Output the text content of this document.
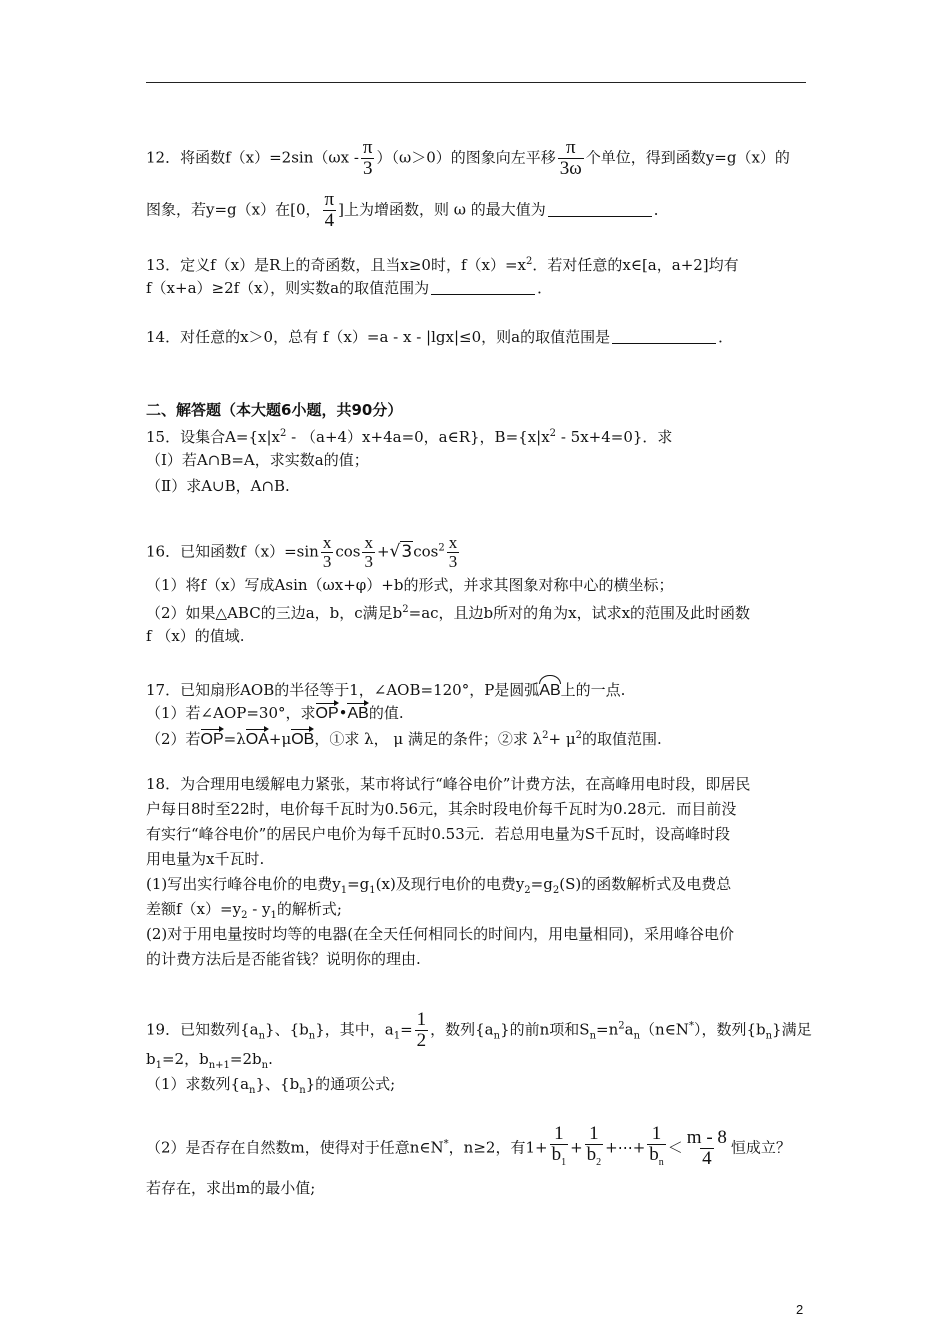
12．将函数$f(x)=2\sin(\omega x - \frac{\pi}{3} )(\omega>0)$的图象向左平移 $\frac{\pi}{3\omega}$ 个单位，得到函数y=g（x）的
图象，若y=g（x）在[0， $\frac{\pi}{4}$ ]上为增函数，则 ω 的最大值为	．
13．定义f（x）是R上的奇函数，且当x≥0时，$f(x)=x^2$．若对任意的x∈[a，a+2]均有
f（x+a）≥2f（x），则实数a的取值范围为	．
14．对任意的x＞0，总有 f（x）=a - x - |lgx|≤0，则a的取值范围是	．
二、解答题（本大题6小题，共90分）
15．设集合$A=\{x|x^2 - (a+4)x+4a=0$，a∈R}，$B=\{x|x^2 - 5x+4=0\}$．求
（Ⅰ）若A∩B=A，求实数a的值；
（Ⅱ）求A∪B，A∩B.
16．已知函数$f(x)=\sin \frac{x}{3}$ $\cos \frac{x}{3} +√3\cos^2 \frac{x}{3}$
（1）将f（x）写成Asin（ωx+φ）+b的形式，并求其图象对称中心的横坐标；
（2）如果△ABC的三边a，b，c满足$b^2=ac$，且边b所对的角为x，试求x的范围及此时函数
f （x）的值域.
17．已知扇形AOB的半径等于1，∠AOB=120°，P是圆弧AB上的一点.
（1）若∠AOP=30°，求OP•AB的值.
（2）若OP=λOA+μOB，①求 λ， μ 满足的条件；②求 $\lambda^2+ \mu^2$的取值范围.
18．为合理用电缓解电力紧张，某市将试行“峰谷电价”计费方法，在高峰用电时段，即居民
户每日8时至22时，电价每千瓦时为0.56元，其余时段电价每千瓦时为0.28元．而目前没
有实行“峰谷电价”的居民户电价为每千瓦时0.53元．若总用电量为S千瓦时，设高峰时段
用电量为x千瓦时.
(1)写出实行峰谷电价的电费$y_1=g_1(x)$及现行电价的电费$y_2=g_2(S)$的函数解析式及电费总
差额$f(x)=y_2 - y_1$的解析式;
(2)对于用电量按时均等的电器(在全天任何相同长的时间内，用电量相同)，采用峰谷电价
的计费方法后是否能省钱？说明你的理由.
19．已知数列$\{a_n\}$、$\{b_n\}$，其中，$a_1= \frac{1}{2}$ ，数列$\{a_n\}$的前n项和$S_n=n^2a_n(n\in N^*)$，数列$\{b_n\}$满足
$b_1=2$，$b_{n+1}=2b_n$.
（1）求数列$\{a_n\}$、$\{b_n\}$的通项公式;
（2）是否存在自然数m，使得对于任意n∈N*，n≥2，有$1+ \frac{1}{b_1} + \frac{1}{b_2}$ +⋯+ $\frac{1}{b_n} < \frac{m - 8}{4}$ 恒成立？
若存在，求出m的最小值;
2
